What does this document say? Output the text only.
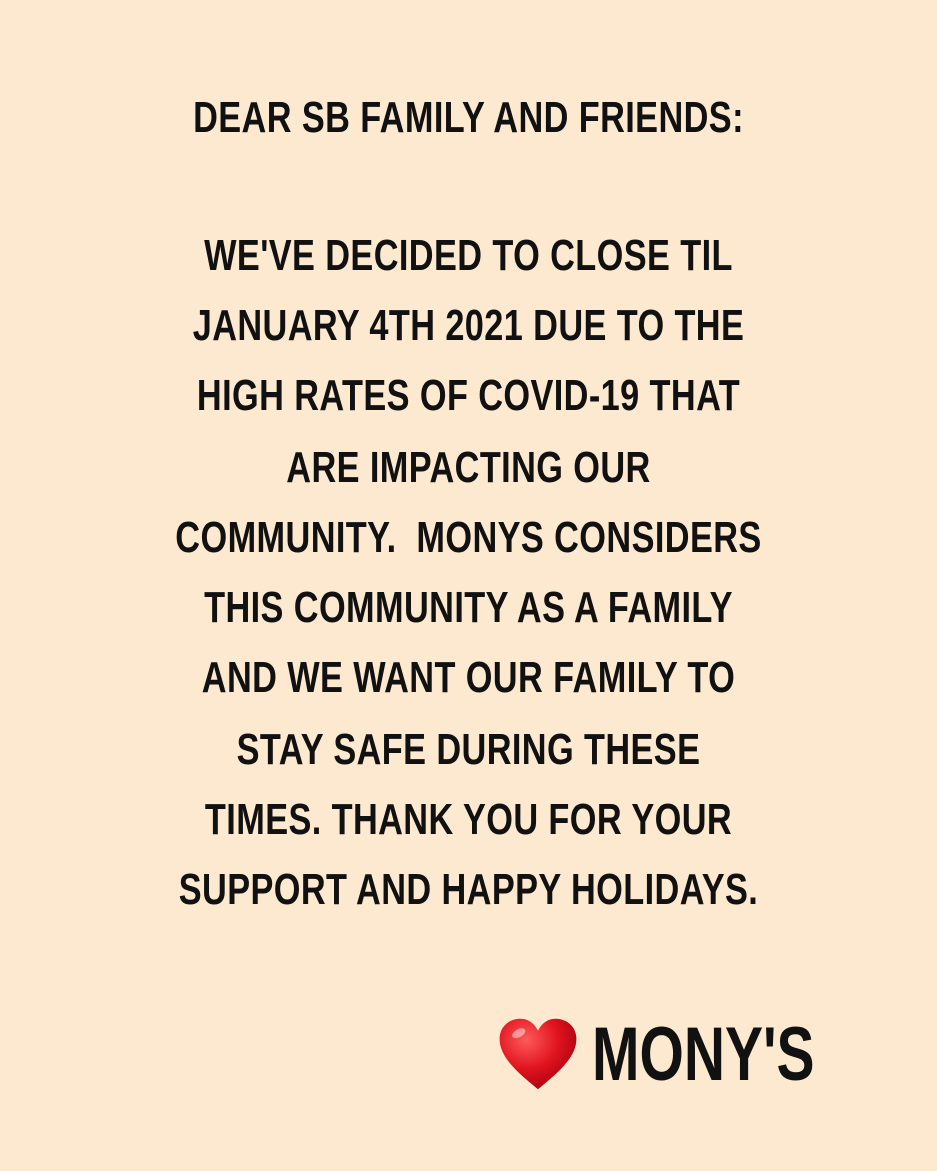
DEAR SB FAMILY AND FRIENDS:
WE'VE DECIDED TO CLOSE TIL
JANUARY 4TH 2021 DUE TO THE
HIGH RATES OF COVID-19 THAT
ARE IMPACTING OUR
COMMUNITY.  MONYS CONSIDERS
THIS COMMUNITY AS A FAMILY
AND WE WANT OUR FAMILY TO
STAY SAFE DURING THESE
TIMES. THANK YOU FOR YOUR
SUPPORT AND HAPPY HOLIDAYS.
MONY'S
